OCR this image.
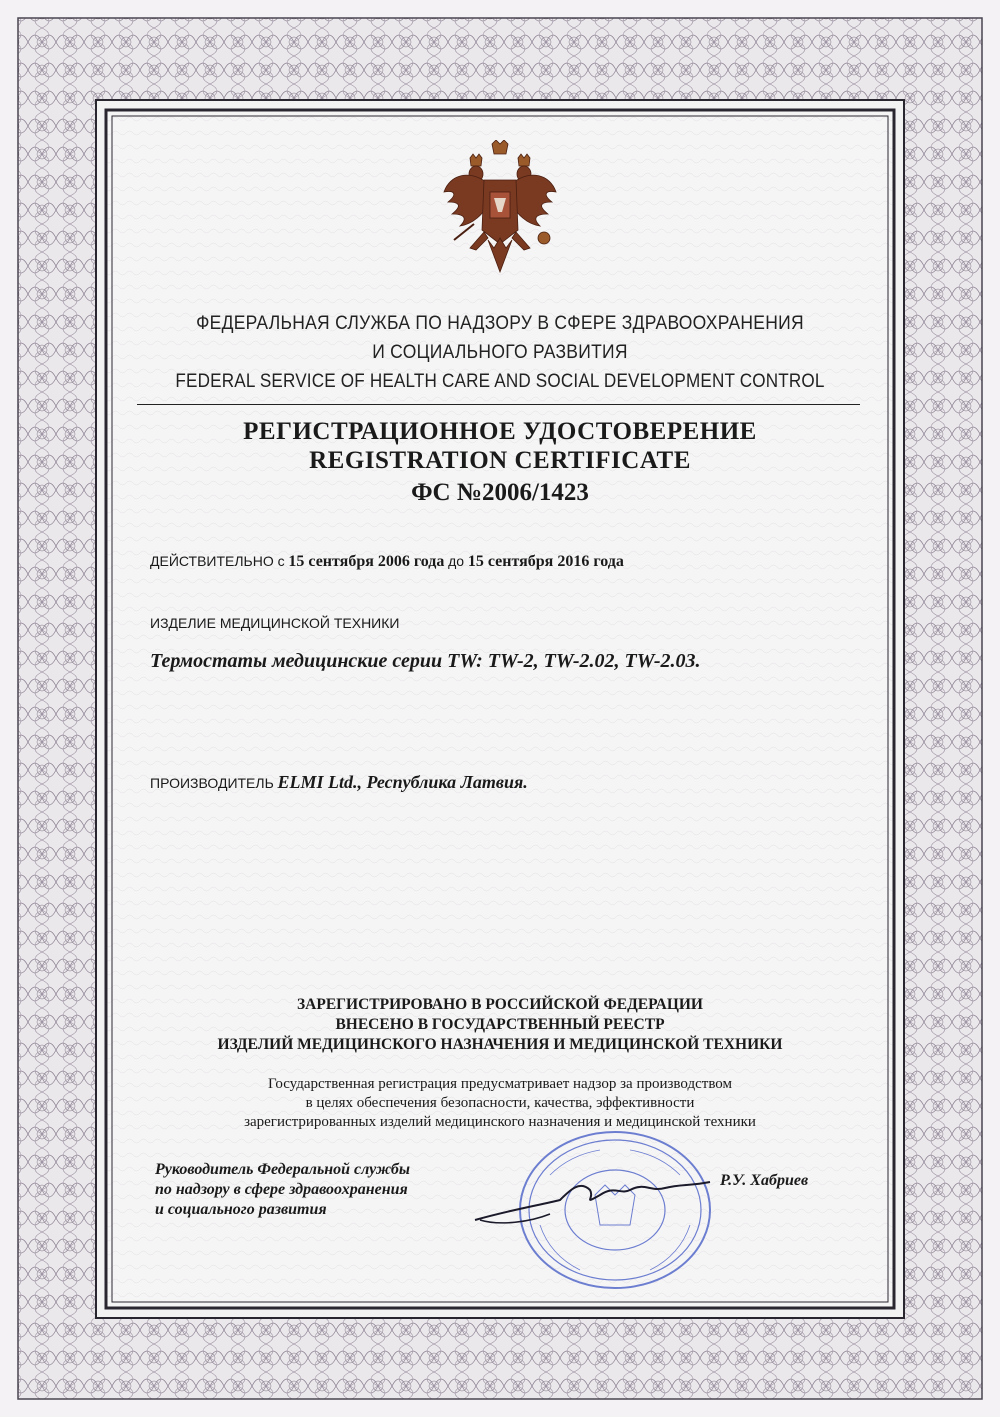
ФЕДЕРАЛЬНАЯ СЛУЖБА ПО НАДЗОРУ В СФЕРЕ ЗДРАВООХРАНЕНИЯ
И СОЦИАЛЬНОГО РАЗВИТИЯ
FEDERAL SERVICE OF HEALTH CARE AND SOCIAL DEVELOPMENT CONTROL
РЕГИСТРАЦИОННОЕ УДОСТОВЕРЕНИЕ
REGISTRATION CERTIFICATE
ФС №2006/1423
ДЕЙСТВИТЕЛЬНО с 15 сентября 2006 года до 15 сентября 2016 года
ИЗДЕЛИЕ МЕДИЦИНСКОЙ ТЕХНИКИ
Термостаты медицинские серии TW: TW-2, TW-2.02, TW-2.03.
ПРОИЗВОДИТЕЛЬ ELMI Ltd., Республика Латвия.
ЗАРЕГИСТРИРОВАНО В РОССИЙСКОЙ ФЕДЕРАЦИИ
ВНЕСЕНО В ГОСУДАРСТВЕННЫЙ РЕЕСТР
ИЗДЕЛИЙ МЕДИЦИНСКОГО НАЗНАЧЕНИЯ И МЕДИЦИНСКОЙ ТЕХНИКИ
Государственная регистрация предусматривает надзор за производством
в целях обеспечения безопасности, качества, эффективности
зарегистрированных изделий медицинского назначения и медицинской техники
Руководитель Федеральной службы
по надзору в сфере здравоохранения
и социального развития
Р.У. Хабриев
